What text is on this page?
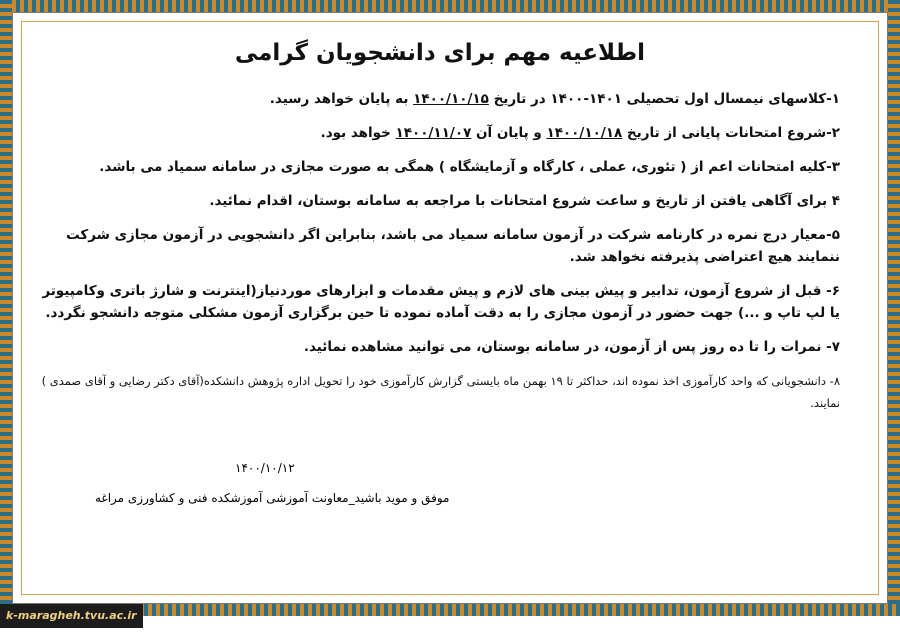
اطلاعیه مهم برای دانشجویان گرامی

۱-کلاسهای نیمسال اول تحصیلی ۱۴۰۱-۱۴۰۰ در تاریخ ۱۴۰۰/۱۰/۱۵ به پایان خواهد رسید.

۲-شروع امتحانات پایانی از تاریخ ۱۴۰۰/۱۰/۱۸ و پایان آن ۱۴۰۰/۱۱/۰۷ خواهد بود.

۳-کلیه امتحانات اعم از ( تئوری، عملی ، کارگاه و آزمایشگاه ) همگی به صورت مجازی در سامانه سمیاد می باشد.

۴ برای آگاهی یافتن از تاریخ و ساعت شروع امتحانات با مراجعه به سامانه بوستان، اقدام نمائید.

۵-معیار درج نمره در کارنامه شرکت در آزمون سامانه سمیاد می باشد، بنابراین اگر دانشجویی در آزمون مجازی شرکت ننمایند هیچ اعتراضی پذیرفته نخواهد شد.

۶- قبل از شروع آزمون، تدابیر و پیش بینی های لازم و پیش مقدمات و ابزارهای موردنیاز(اینترنت و شارژ باتری وکامپیوتر یا لپ تاپ و ...) جهت حضور در آزمون مجازی را به دقت آماده نموده تا حین برگزاری آزمون مشکلی متوجه دانشجو نگردد.

۷- نمرات را تا ده روز پس از آزمون، در سامانه بوستان، می توانید مشاهده نمائید.

۸- دانشجویانی که واحد کارآموزی اخذ نموده اند، حداکثر تا ۱۹ بهمن ماه بایستی گزارش کارآموزی خود را تحویل اداره پژوهش دانشکده(آقای دکتر رضایی و آقای صمدی ) نمایند.

۱۴۰۰/۱۰/۱۲
موفق و موید باشید_معاونت آموزشی آموزشکده فنی و کشاورزی مراغه
k-maragheh.tvu.ac.ir
